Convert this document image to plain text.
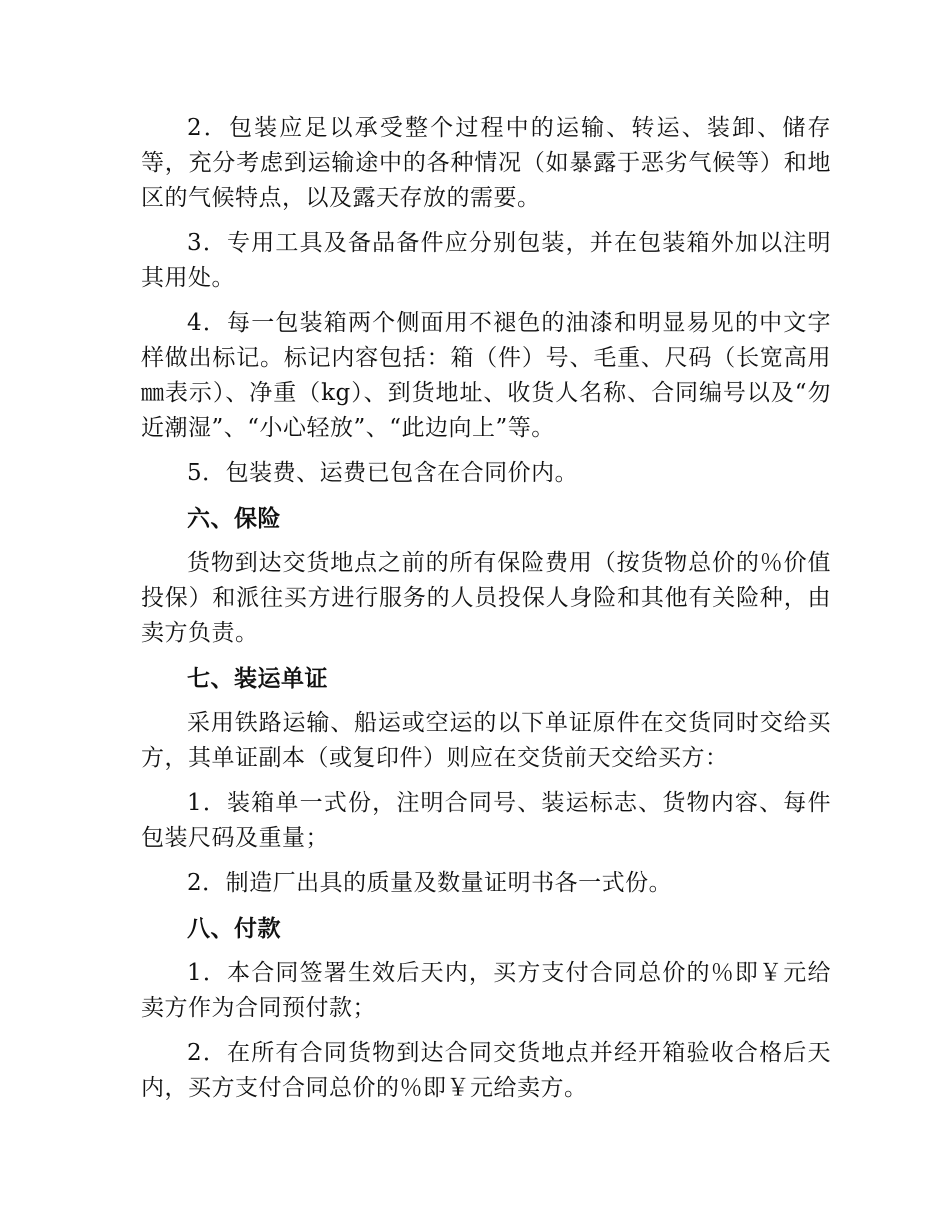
2．包装应足以承受整个过程中的运输、转运、装卸、储存等，充分考虑到运输途中的各种情况（如暴露于恶劣气候等）和地区的气候特点，以及露天存放的需要。

3．专用工具及备品备件应分别包装，并在包装箱外加以注明其用处。

4．每一包装箱两个侧面用不褪色的油漆和明显易见的中文字样做出标记。标记内容包括：箱（件）号、毛重、尺码（长宽高用㎜表示）、净重（kg）、到货地址、收货人名称、合同编号以及“勿近潮湿”、“小心轻放”、“此边向上”等。

5．包装费、运费已包含在合同价内。

六、保险

货物到达交货地点之前的所有保险费用（按货物总价的％价值投保）和派往买方进行服务的人员投保人身险和其他有关险种，由卖方负责。

七、装运单证

采用铁路运输、船运或空运的以下单证原件在交货同时交给买方，其单证副本（或复印件）则应在交货前天交给买方：

1．装箱单一式份，注明合同号、装运标志、货物内容、每件包装尺码及重量；

2．制造厂出具的质量及数量证明书各一式份。

八、付款

1．本合同签署生效后天内，买方支付合同总价的％即￥元给卖方作为合同预付款；

2．在所有合同货物到达合同交货地点并经开箱验收合格后天内，买方支付合同总价的％即￥元给卖方。
